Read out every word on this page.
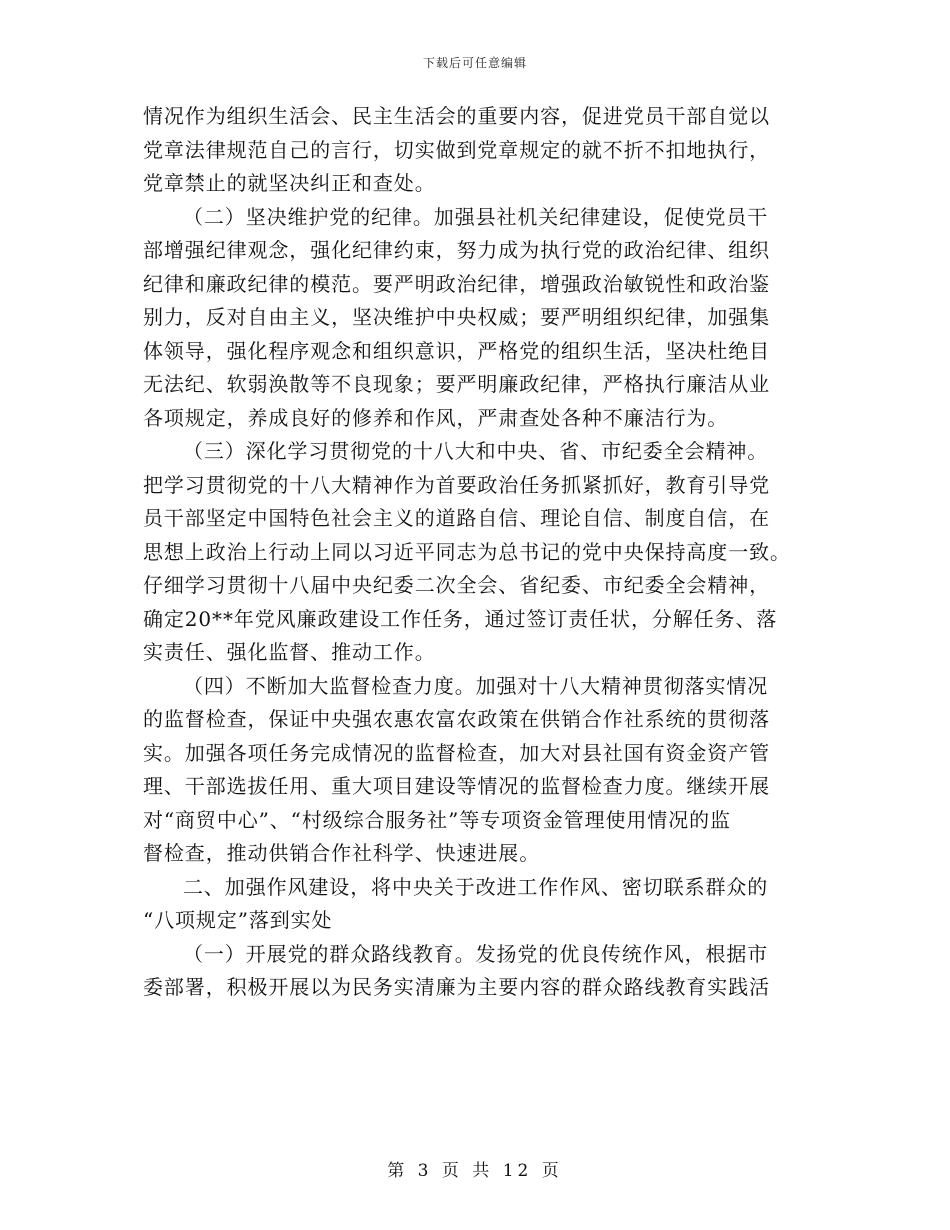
下载后可任意编辑

情况作为组织生活会、民主生活会的重要内容，促进党员干部自觉以
党章法律规范自己的言行，切实做到党章规定的就不折不扣地执行，
党章禁止的就坚决纠正和查处。

（二）坚决维护党的纪律。加强县社机关纪律建设，促使党员干
部增强纪律观念，强化纪律约束，努力成为执行党的政治纪律、组织
纪律和廉政纪律的模范。要严明政治纪律，增强政治敏锐性和政治鉴
别力，反对自由主义，坚决维护中央权威；要严明组织纪律，加强集
体领导，强化程序观念和组织意识，严格党的组织生活，坚决杜绝目
无法纪、软弱涣散等不良现象；要严明廉政纪律，严格执行廉洁从业
各项规定，养成良好的修养和作风，严肃查处各种不廉洁行为。

（三）深化学习贯彻党的十八大和中央、省、市纪委全会精神。
把学习贯彻党的十八大精神作为首要政治任务抓紧抓好，教育引导党
员干部坚定中国特色社会主义的道路自信、理论自信、制度自信，在
思想上政治上行动上同以习近平同志为总书记的党中央保持高度一致。
仔细学习贯彻十八届中央纪委二次全会、省纪委、市纪委全会精神，
确定20**年党风廉政建设工作任务，通过签订责任状，分解任务、落
实责任、强化监督、推动工作。

（四）不断加大监督检查力度。加强对十八大精神贯彻落实情况
的监督检查，保证中央强农惠农富农政策在供销合作社系统的贯彻落
实。加强各项任务完成情况的监督检查，加大对县社国有资金资产管
理、干部选拔任用、重大项目建设等情况的监督检查力度。继续开展
对“商贸中心”、“村级综合服务社”等专项资金管理使用情况的监
督检查，推动供销合作社科学、快速进展。

二、加强作风建设，将中央关于改进工作作风、密切联系群众的
“八项规定”落到实处

（一）开展党的群众路线教育。发扬党的优良传统作风，根据市
委部署，积极开展以为民务实清廉为主要内容的群众路线教育实践活

第 3 页 共 12 页
